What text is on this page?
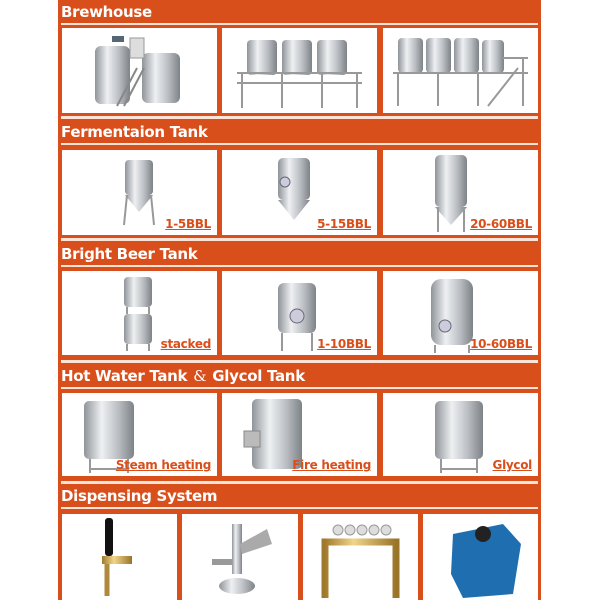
Brewhouse
Fermentaion Tank
1-5BBL	5-15BBL	20-60BBL
Bright Beer Tank
stacked	1-10BBL	10-60BBL
Hot Water Tank & Glycol Tank
Steam heating	Fire heating	Glycol
Dispensing System
